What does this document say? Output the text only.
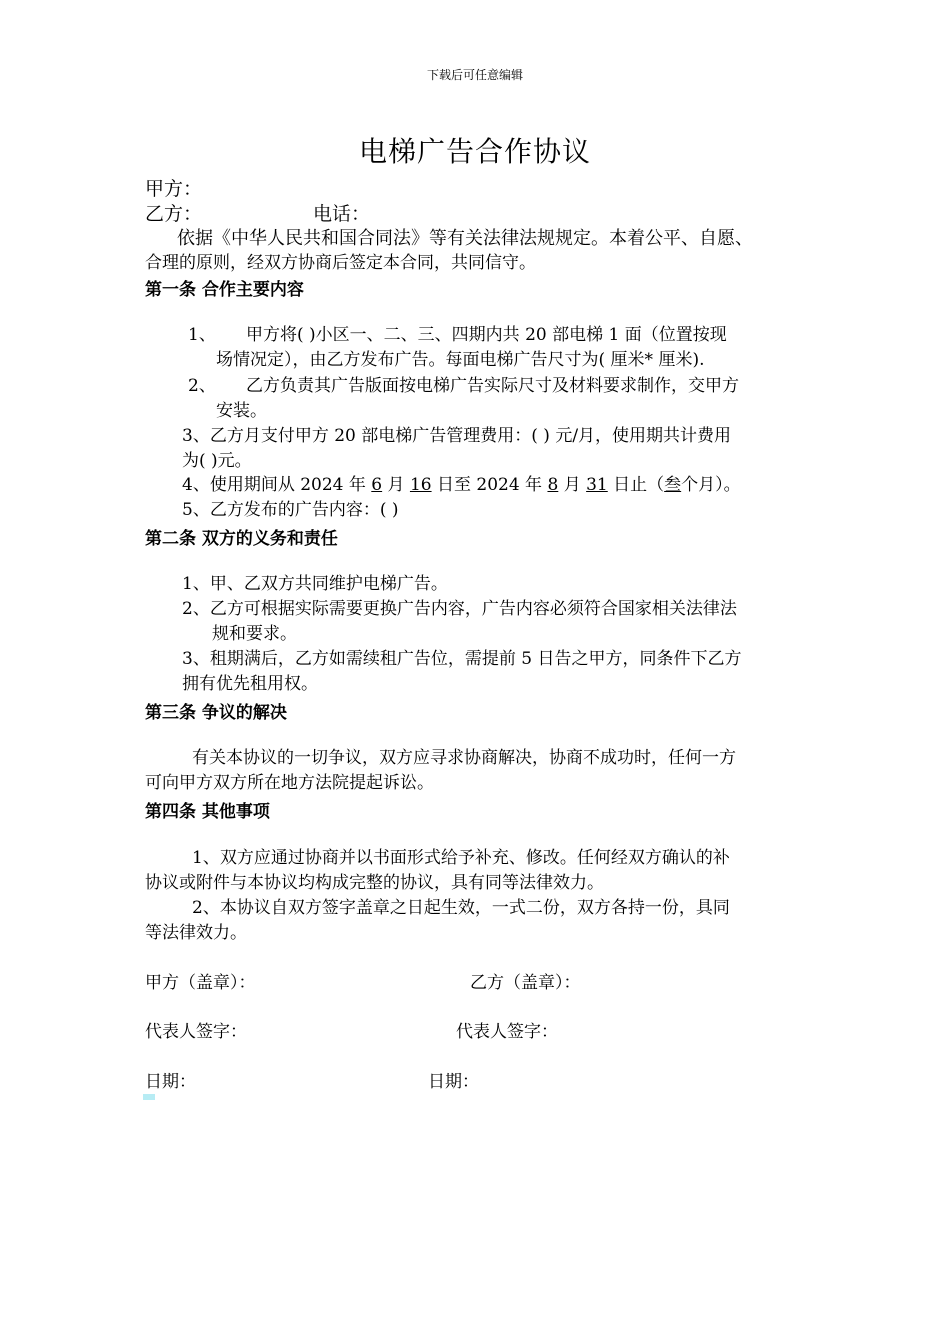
下载后可任意编辑
电梯广告合作协议
甲方：
乙方：	电话：
依据《中华人民共和国合同法》等有关法律法规规定。本着公平、自愿、
合理的原则，经双方协商后签定本合同，共同信守。
第一条 合作主要内容
1、 甲方将( )小区一、二、三、四期内共 20 部电梯 1 面（位置按现
场情况定），由乙方发布广告。每面电梯广告尺寸为( 厘米* 厘米).
2、 乙方负责其广告版面按电梯广告实际尺寸及材料要求制作，交甲方
安装。
3、乙方月支付甲方 20 部电梯广告管理费用：( ) 元/月，使用期共计费用
为( )元。
4、使用期间从 2024 年 6 月 16 日至 2024 年 8 月 31 日止（叁个月）。
5、乙方发布的广告内容：( )
第二条 双方的义务和责任
1、甲、乙双方共同维护电梯广告。
2、乙方可根据实际需要更换广告内容，广告内容必须符合国家相关法律法
规和要求。
3、租期满后，乙方如需续租广告位，需提前 5 日告之甲方，同条件下乙方
拥有优先租用权。
第三条 争议的解决
有关本协议的一切争议，双方应寻求协商解决，协商不成功时，任何一方
可向甲方双方所在地方法院提起诉讼。
第四条 其他事项
1、双方应通过协商并以书面形式给予补充、修改。任何经双方确认的补
协议或附件与本协议均构成完整的协议，具有同等法律效力。
2、本协议自双方签字盖章之日起生效，一式二份，双方各持一份，具同
等法律效力。
甲方（盖章）：	乙方（盖章）：
代表人签字：	代表人签字：
日期：	日期：
